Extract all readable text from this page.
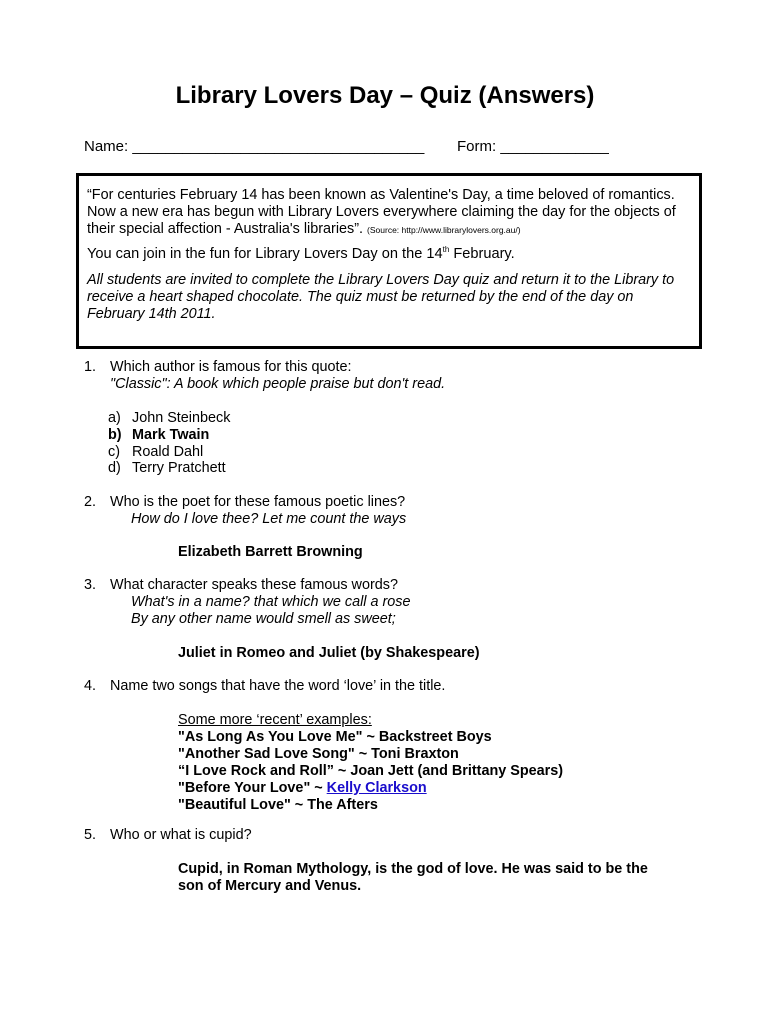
Library Lovers Day – Quiz (Answers)
Name: ___________________________________ Form: _____________

“For centuries February 14 has been known as Valentine's Day, a time beloved of romantics. Now a new era has begun with Library Lovers everywhere claiming the day for the objects of their special affection - Australia's libraries”. (Source: http://www.librarylovers.org.au/)

You can join in the fun for Library Lovers Day on the 14th February.

All students are invited to complete the Library Lovers Day quiz and return it to the Library to receive a heart shaped chocolate. The quiz must be returned by the end of the day on February 14th 2011.

1. Which author is famous for this quote:
"Classic": A book which people praise but don't read.
a) John Steinbeck
b) Mark Twain
c) Roald Dahl
d) Terry Pratchett
2. Who is the poet for these famous poetic lines?
How do I love thee? Let me count the ways
Elizabeth Barrett Browning
3. What character speaks these famous words?
What's in a name? that which we call a rose
By any other name would smell as sweet;
Juliet in Romeo and Juliet (by Shakespeare)
4. Name two songs that have the word ‘love’ in the title.
Some more ‘recent’ examples:
"As Long As You Love Me" ~ Backstreet Boys
"Another Sad Love Song" ~ Toni Braxton
“I Love Rock and Roll” ~ Joan Jett (and Brittany Spears)
"Before Your Love" ~ Kelly Clarkson
"Beautiful Love" ~ The Afters
5. Who or what is cupid?
Cupid, in Roman Mythology, is the god of love. He was said to be the
son of Mercury and Venus.
